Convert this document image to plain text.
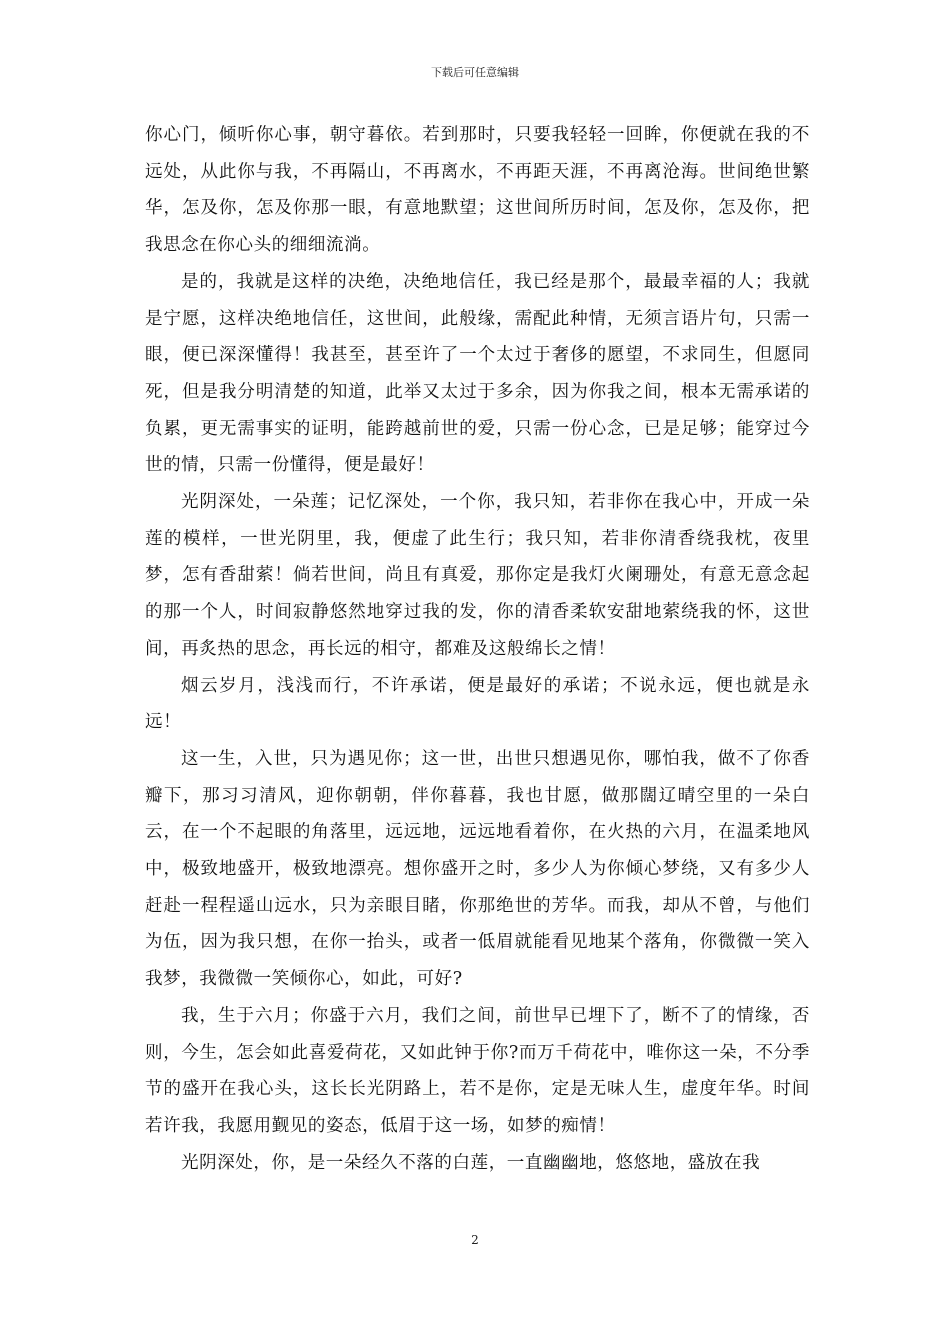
下载后可任意编辑

你心门，倾听你心事，朝守暮依。若到那时，只要我轻轻一回眸，你便就在我的不远处，从此你与我，不再隔山，不再离水，不再距天涯，不再离沧海。世间绝世繁华，怎及你，怎及你那一眼，有意地默望；这世间所历时间，怎及你，怎及你，把我思念在你心头的细细流淌。

是的，我就是这样的决绝，决绝地信任，我已经是那个，最最幸福的人；我就是宁愿，这样决绝地信任，这世间，此般缘，需配此种情，无须言语片句，只需一眼，便已深深懂得！我甚至，甚至许了一个太过于奢侈的愿望，不求同生，但愿同死，但是我分明清楚的知道，此举又太过于多余，因为你我之间，根本无需承诺的负累，更无需事实的证明，能跨越前世的爱，只需一份心念，已是足够；能穿过今世的情，只需一份懂得，便是最好！

光阴深处，一朵莲；记忆深处，一个你，我只知，若非你在我心中，开成一朵莲的模样，一世光阴里，我，便虚了此生行；我只知，若非你清香绕我枕，夜里梦，怎有香甜萦！倘若世间，尚且有真爱，那你定是我灯火阑珊处，有意无意念起的那一个人，时间寂静悠然地穿过我的发，你的清香柔软安甜地萦绕我的怀，这世间，再炙热的思念，再长远的相守，都难及这般绵长之情！

烟云岁月，浅浅而行，不许承诺，便是最好的承诺；不说永远，便也就是永远！

这一生，入世，只为遇见你；这一世，出世只想遇见你，哪怕我，做不了你香瓣下，那习习清风，迎你朝朝，伴你暮暮，我也甘愿，做那闊辽晴空里的一朵白云，在一个不起眼的角落里，远远地，远远地看着你，在火热的六月，在温柔地风中，极致地盛开，极致地漂亮。想你盛开之时，多少人为你倾心梦绕，又有多少人赶赴一程程遥山远水，只为亲眼目睹，你那绝世的芳华。而我，却从不曾，与他们为伍，因为我只想，在你一抬头，或者一低眉就能看见地某个落角，你微微一笑入我梦，我微微一笑倾你心，如此，可好?

我，生于六月；你盛于六月，我们之间，前世早已埋下了，断不了的情缘，否则，今生，怎会如此喜爱荷花，又如此钟于你?而万千荷花中，唯你这一朵，不分季节的盛开在我心头，这长长光阴路上，若不是你，定是无味人生，虚度年华。时间若许我，我愿用觐见的姿态，低眉于这一场，如梦的痴情！

光阴深处，你，是一朵经久不落的白莲，一直幽幽地，悠悠地，盛放在我

2
